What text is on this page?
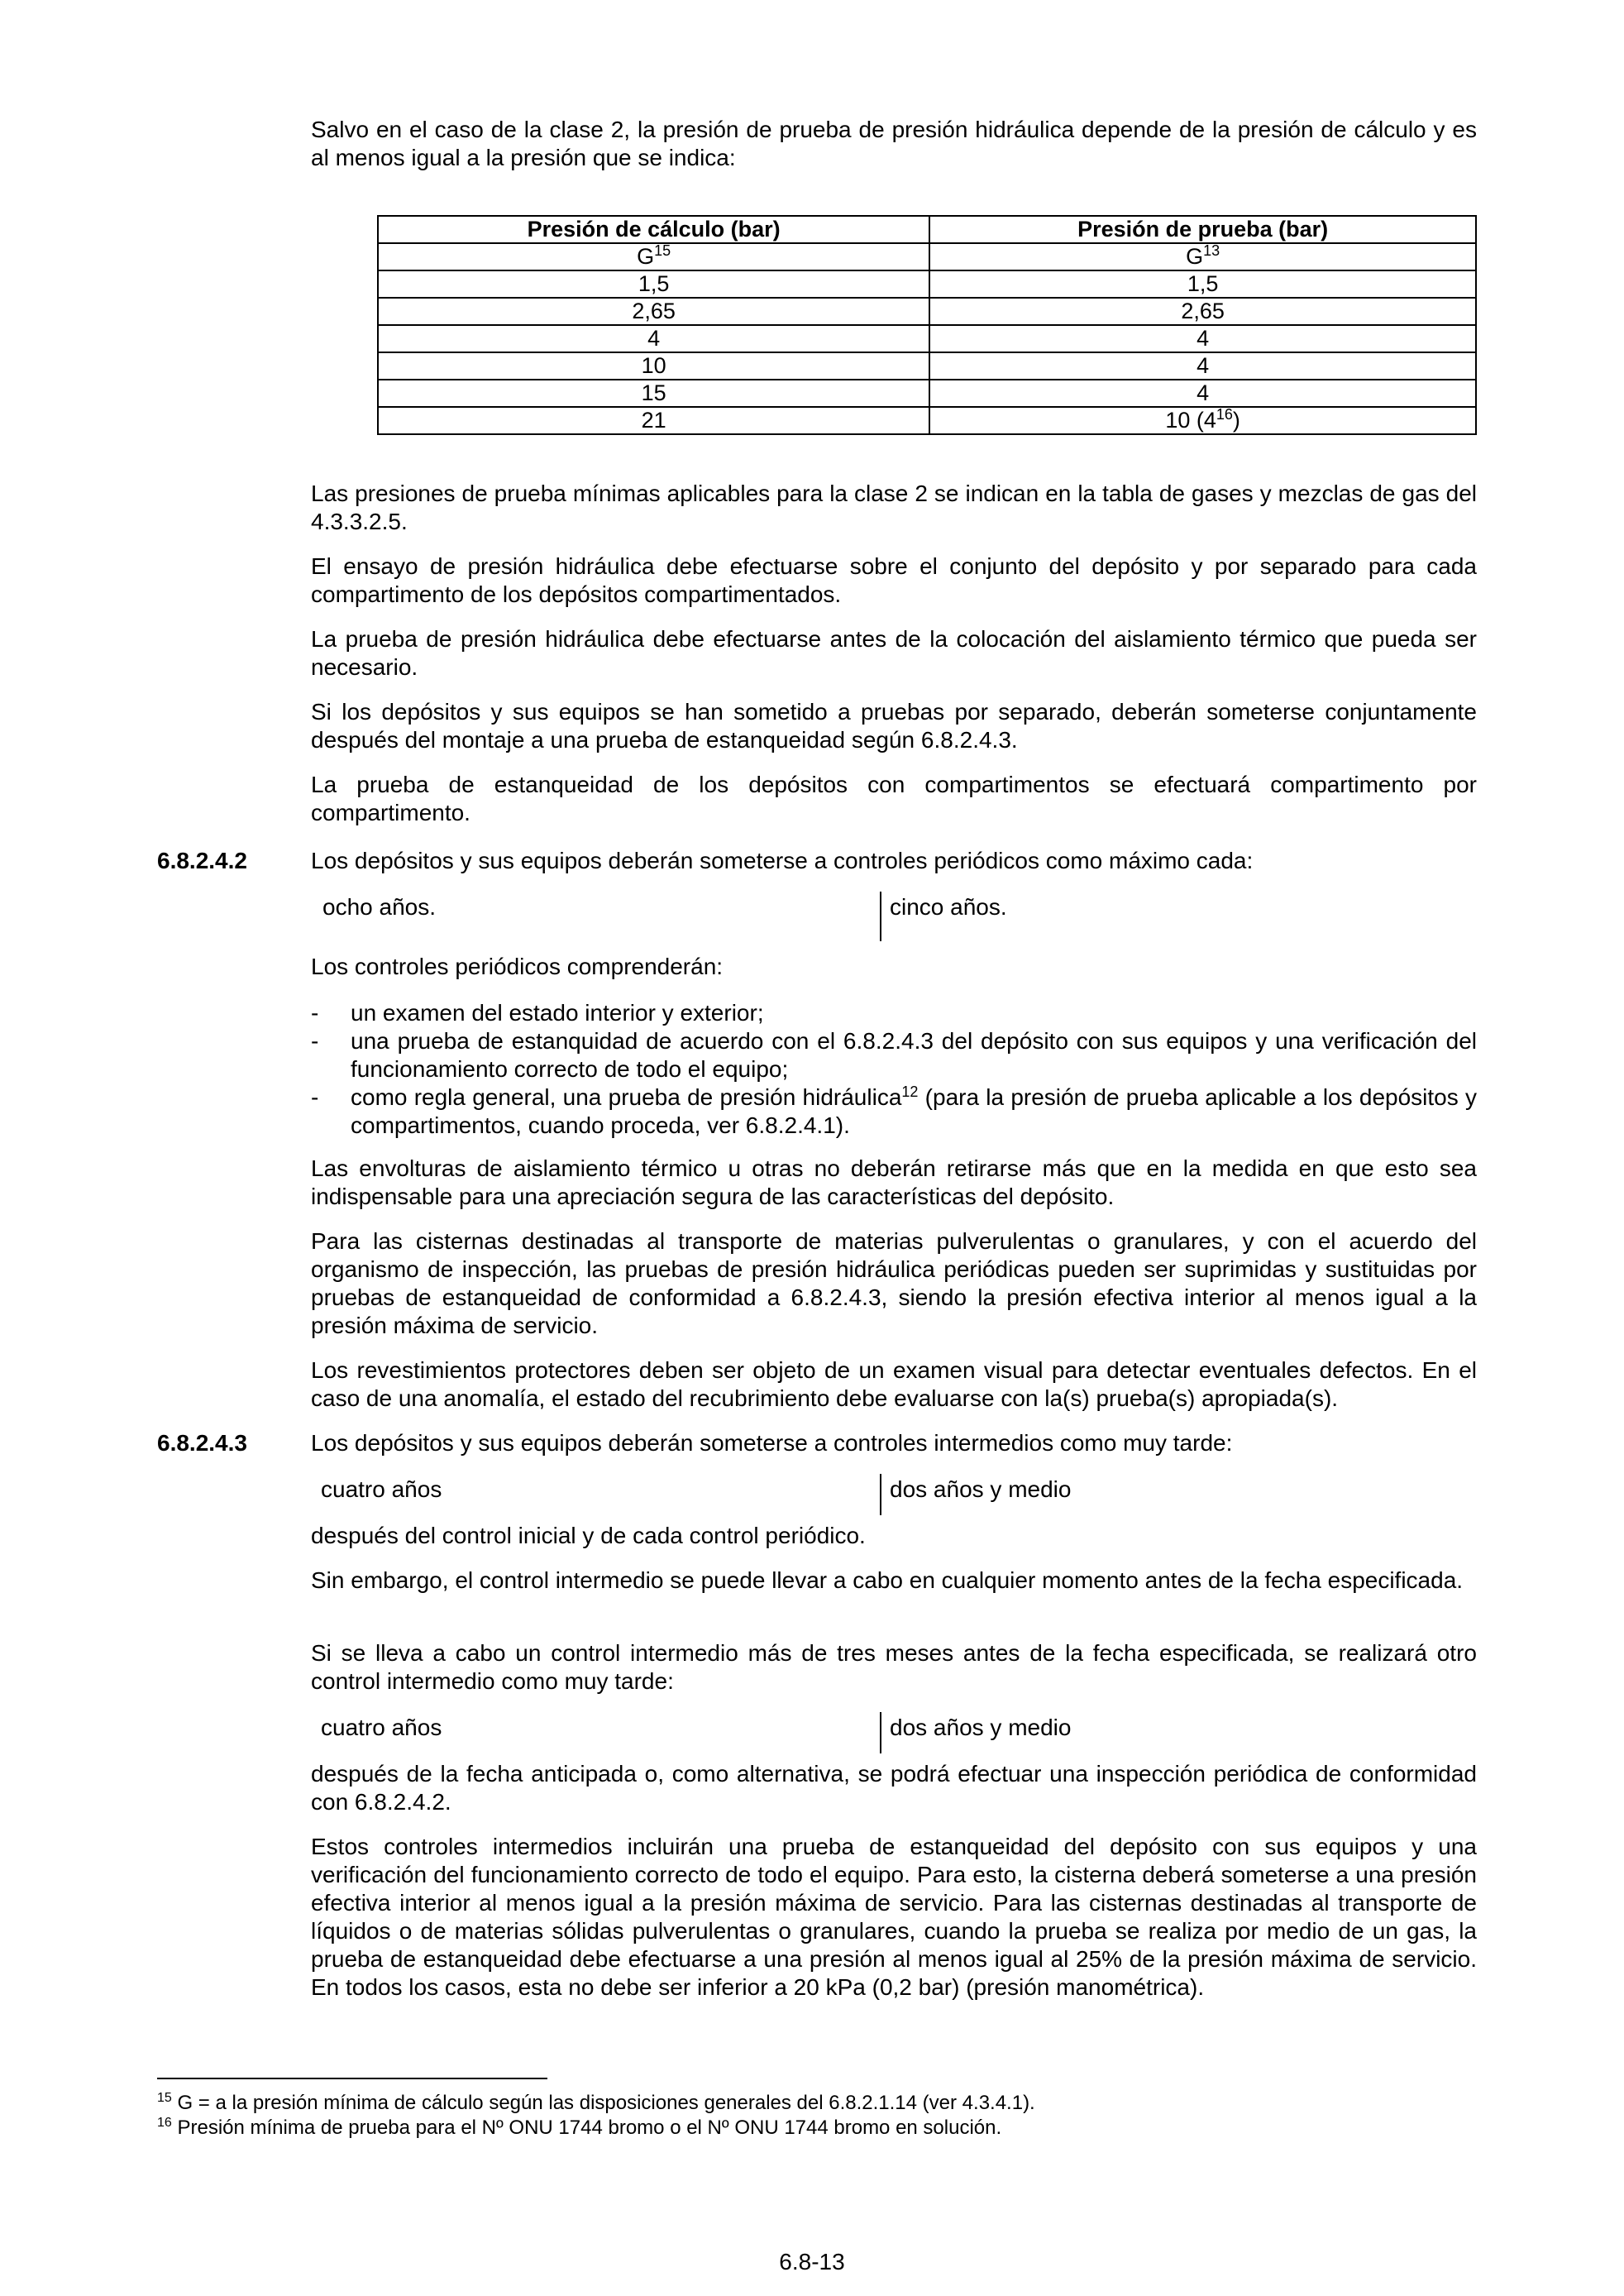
Salvo en el caso de la clase 2, la presión de prueba de presión hidráulica depende de la presión de cálculo y es al menos igual a la presión que se indica:

Presión de cálculo (bar)	Presión de prueba (bar)
$G^{15}$	$G^{13}$
1,5	1,5
2,65	2,65
4	4
10	4
15	4
21	10 $(4^{16})$

Las presiones de prueba mínimas aplicables para la clase 2 se indican en la tabla de gases y mezclas de gas del 4.3.3.2.5.

El ensayo de presión hidráulica debe efectuarse sobre el conjunto del depósito y por separado para cada compartimento de los depósitos compartimentados.

La prueba de presión hidráulica debe efectuarse antes de la colocación del aislamiento térmico que pueda ser necesario.

Si los depósitos y sus equipos se han sometido a pruebas por separado, deberán someterse conjuntamente después del montaje a una prueba de estanqueidad según 6.8.2.4.3.

La prueba de estanqueidad de los depósitos con compartimentos se efectuará compartimento por compartimento.

6.8.2.4.2	Los depósitos y sus equipos deberán someterse a controles periódicos como máximo cada:

ocho años.	cinco años.

Los controles periódicos comprenderán:

- un examen del estado interior y exterior;
- una prueba de estanquidad de acuerdo con el 6.8.2.4.3 del depósito con sus equipos y una verificación del funcionamiento correcto de todo el equipo;
- como regla general, una prueba de presión hidráulica$^{12}$ (para la presión de prueba aplicable a los depósitos y compartimentos, cuando proceda, ver 6.8.2.4.1).

Las envolturas de aislamiento térmico u otras no deberán retirarse más que en la medida en que esto sea indispensable para una apreciación segura de las características del depósito.

Para las cisternas destinadas al transporte de materias pulverulentas o granulares, y con el acuerdo del organismo de inspección, las pruebas de presión hidráulica periódicas pueden ser suprimidas y sustituidas por pruebas de estanqueidad de conformidad a 6.8.2.4.3, siendo la presión efectiva interior al menos igual a la presión máxima de servicio.

Los revestimientos protectores deben ser objeto de un examen visual para detectar eventuales defectos. En el caso de una anomalía, el estado del recubrimiento debe evaluarse con la(s) prueba(s) apropiada(s).

6.8.2.4.3	Los depósitos y sus equipos deberán someterse a controles intermedios como muy tarde:

cuatro años	dos años y medio

después del control inicial y de cada control periódico.

Sin embargo, el control intermedio se puede llevar a cabo en cualquier momento antes de la fecha especificada.

Si se lleva a cabo un control intermedio más de tres meses antes de la fecha especificada, se realizará otro control intermedio como muy tarde:

cuatro años	dos años y medio

después de la fecha anticipada o, como alternativa, se podrá efectuar una inspección periódica de conformidad con 6.8.2.4.2.

Estos controles intermedios incluirán una prueba de estanqueidad del depósito con sus equipos y una verificación del funcionamiento correcto de todo el equipo. Para esto, la cisterna deberá someterse a una presión efectiva interior al menos igual a la presión máxima de servicio. Para las cisternas destinadas al transporte de líquidos o de materias sólidas pulverulentas o granulares, cuando la prueba se realiza por medio de un gas, la prueba de estanqueidad debe efectuarse a una presión al menos igual al 25% de la presión máxima de servicio. En todos los casos, esta no debe ser inferior a 20 kPa (0,2 bar) (presión manométrica).

$^{15}$ G = a la presión mínima de cálculo según las disposiciones generales del 6.8.2.1.14 (ver 4.3.4.1).
$^{16}$ Presión mínima de prueba para el Nº ONU 1744 bromo o el Nº ONU 1744 bromo en solución.
6.8-13
